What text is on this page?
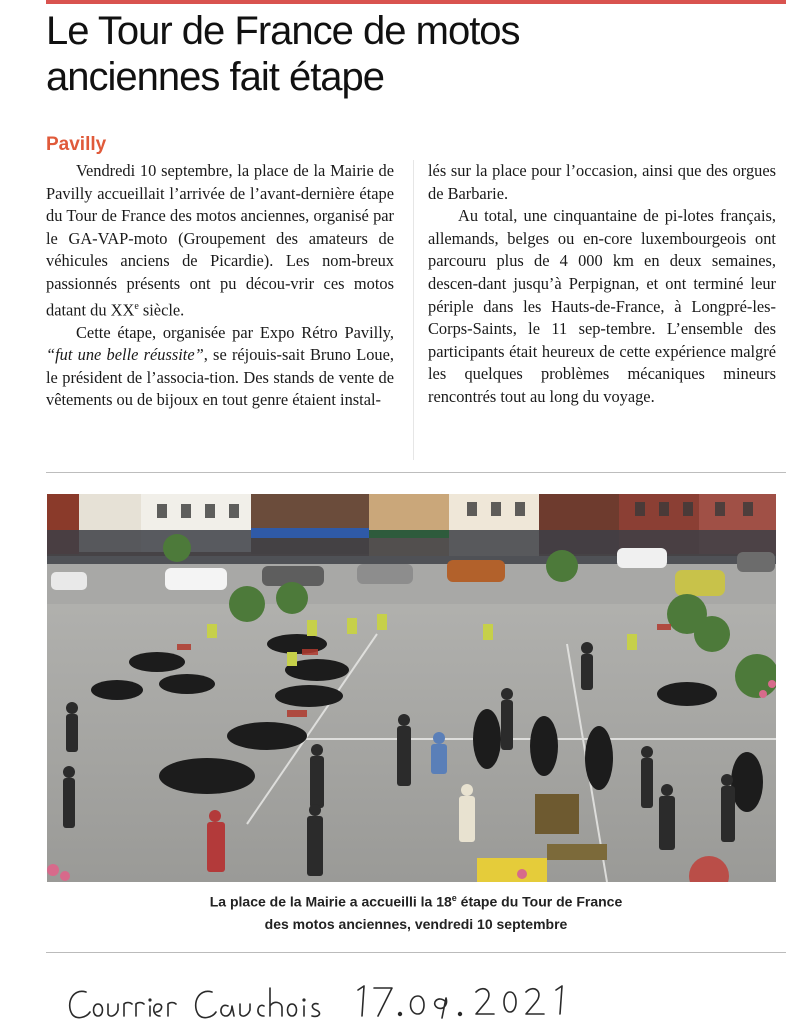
Le Tour de France de motos
anciennes fait étape
Pavilly

Vendredi 10 septembre, la place de la Mairie de Pavilly accueillait l’arrivée de l’avant-dernière étape du Tour de France des motos anciennes, organisé par le GA-VAP-moto (Groupement des amateurs de véhicules anciens de Picardie). Les nom-breux passionnés présents ont pu décou-vrir ces motos datant du XXe siècle.

Cette étape, organisée par Expo Rétro Pavilly, “fut une belle réussite”, se réjouis-sait Bruno Loue, le président de l’associa-tion. Des stands de vente de vêtements ou de bijoux en tout genre étaient instal-

lés sur la place pour l’occasion, ainsi que des orgues de Barbarie.

Au total, une cinquantaine de pi-lotes français, allemands, belges ou en-core luxembourgeois ont parcouru plus de 4 000 km en deux semaines, descen-dant jusqu’à Perpignan, et ont terminé leur périple dans les Hauts-de-France, à Longpré-les-Corps-Saints, le 11 sep-tembre. L’ensemble des participants était heureux de cette expérience malgré les quelques problèmes mécaniques mineurs rencontrés tout au long du voyage.

La place de la Mairie a accueilli la 18e étape du Tour de France
des motos anciennes, vendredi 10 septembre
